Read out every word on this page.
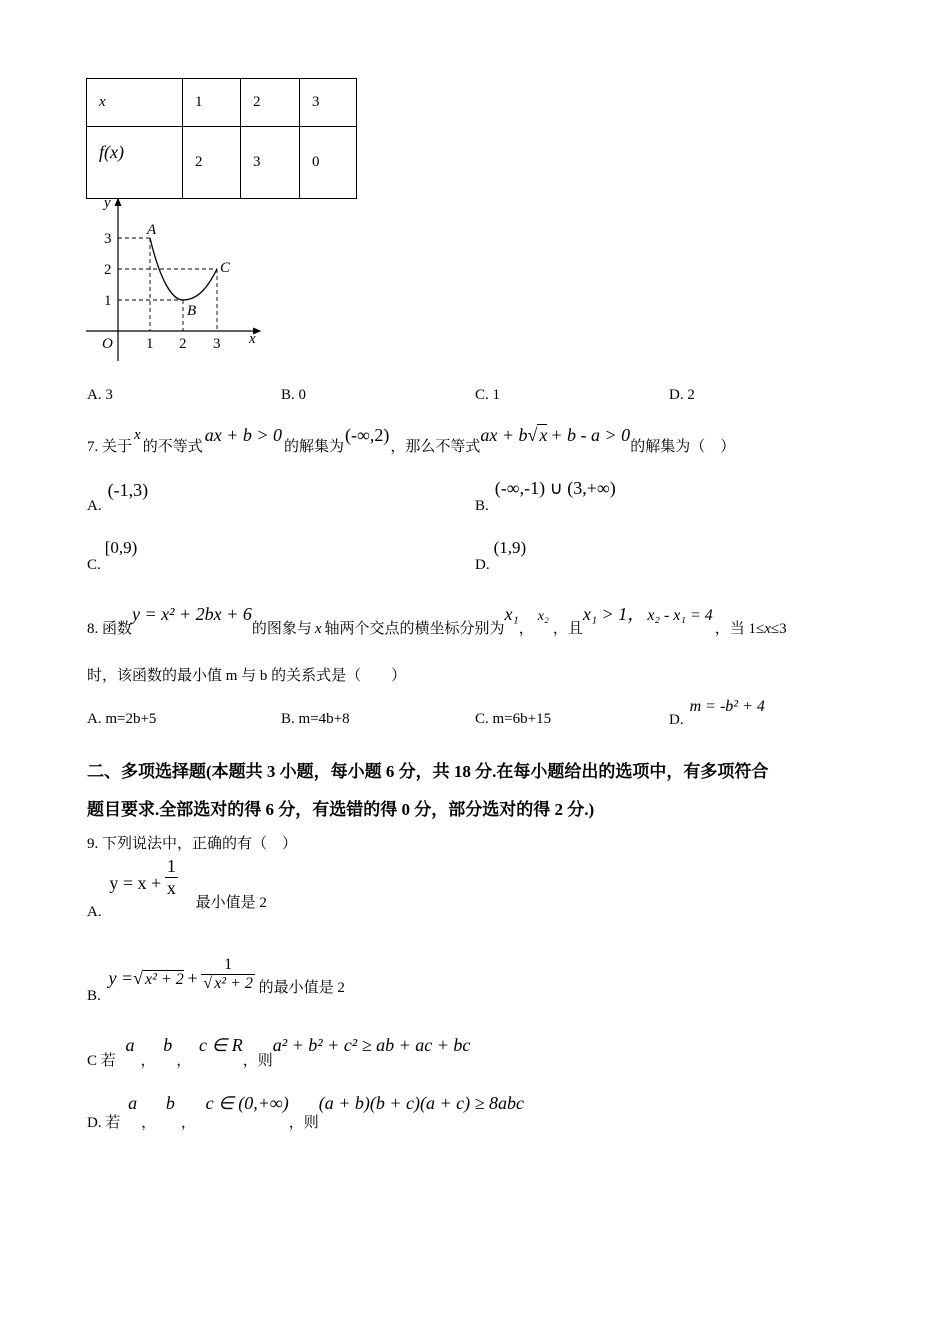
x	1	2	3
f(x)	2	3	0
y
x
O
3
2
1
1 2 3
A
B
C
A. 3	B. 0	C. 1	D. 2
7. 关于x的不等式ax + b > 0的解集为(-∞,2)，那么不等式ax + b√ x + b - a > 0的解集为（　）
A.(-1,3)
B.(-∞,-1) ∪ (3,+∞)
C.[0,9)
D.(1,9)
8. 函数y = x² + 2bx + 6的图象与 x 轴两个交点的横坐标分别为x₁，x₂，且x₁ > 1， x₂ - x₁ = 4，当 1≤x≤3
时，该函数的最小值 m 与 b 的关系式是（　　）
A. m=2b+5	B. m=4b+8	C. m=6b+15	D.m = -b² + 4
二、多项选择题(本题共 3 小题，每小题 6 分，共 18 分.在每小题给出的选项中，有多项符合
题目要求.全部选对的得 6 分，有选错的得 0 分，部分选对的得 2 分.)
9. 下列说法中，正确的有（　）
A. $y = x + \frac{1}{x}$
最小值是 2
B. y =√ $x^2 + 2 + \frac{1}{\text{√ x² + 2}}$ 的最小值是 2
C 若 a， b， c ∈ R，则a² + b² + c² ≥ ab + ac + bc
D. 若 a， b， c ∈ (0,+∞)，则(a + b)(b + c)(a + c) ≥ 8abc
